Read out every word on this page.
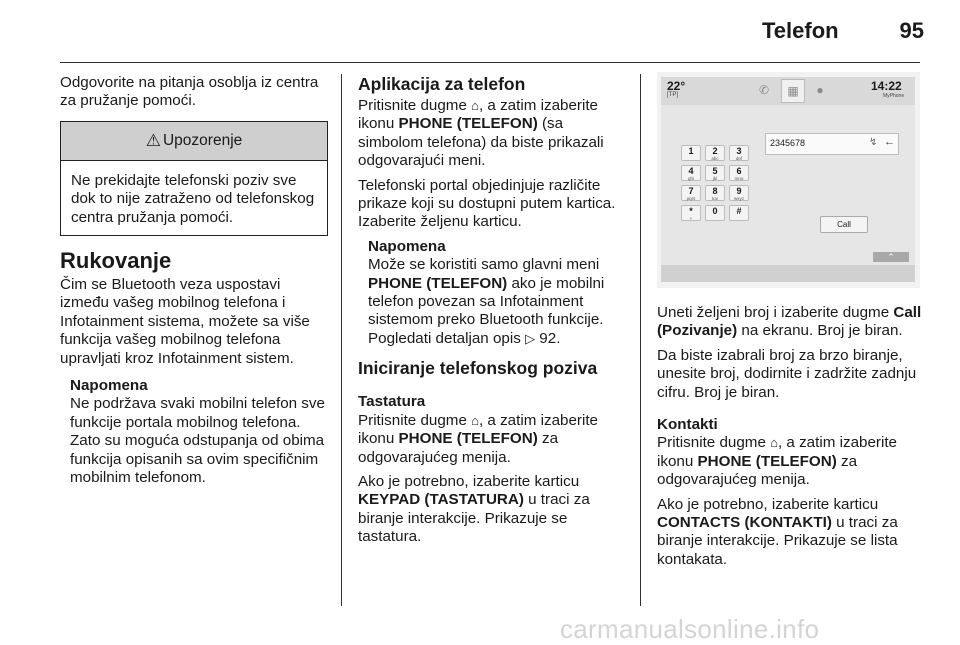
Telefon	95

Odgovorite na pitanja osoblja iz centra za pružanje pomoći.

⚠ Upozorenje
Ne prekidajte telefonski poziv sve dok to nije zatraženo od telefonskog centra pružanja pomoći.
Rukovanje

Čim se Bluetooth veza uspostavi između vašeg mobilnog telefona i Infotainment sistema, možete sa više funkcija vašeg mobilnog telefona upravljati kroz Infotainment sistem.

Napomena
Ne podržava svaki mobilni telefon sve funkcije portala mobilnog telefona. Zato su moguća odstupanja od obima funkcija opisanih sa ovim specifičnim mobilnim telefonom.
Aplikacija za telefon

Pritisnite dugme ⌂, a zatim izaberite ikonu PHONE (TELEFON) (sa simbolom telefona) da biste prikazali odgovarajući meni.

Telefonski portal objedinjuje različite prikaze koji su dostupni putem kartica. Izaberite željenu karticu.

Napomena
Može se koristiti samo glavni meni PHONE (TELEFON) ako je mobilni telefon povezan sa Infotainment sistemom preko Bluetooth funkcije. Pogledati detaljan opis ▷ 92.
Iniciranje telefonskog poziva
Tastatura

Pritisnite dugme ⌂, a zatim izaberite ikonu PHONE (TELEFON) za odgovarajućeg menija.

Ako je potrebno, izaberite karticu KEYPAD (TASTATURA) u traci za biranje interakcije. Prikazuje se tastatura.

22°
[TP]	✆	▦	●	14:22
MyPhone
2345678	↯ ←
1	2
abc
3
def
4
ghi
5
jkl
6
mno
7
pqrs
8
tuv
9
wxyz
*
+
0	#
Call
⌃

Uneti željeni broj i izaberite dugme Call (Pozivanje) na ekranu. Broj je biran.

Da biste izabrali broj za brzo biranje, unesite broj, dodirnite i zadržite zadnju cifru. Broj je biran.

Kontakti

Pritisnite dugme ⌂, a zatim izaberite ikonu PHONE (TELEFON) za odgovarajućeg menija.

Ako je potrebno, izaberite karticu CONTACTS (KONTAKTI) u traci za biranje interakcije. Prikazuje se lista kontakata.

carmanualsonline.info
